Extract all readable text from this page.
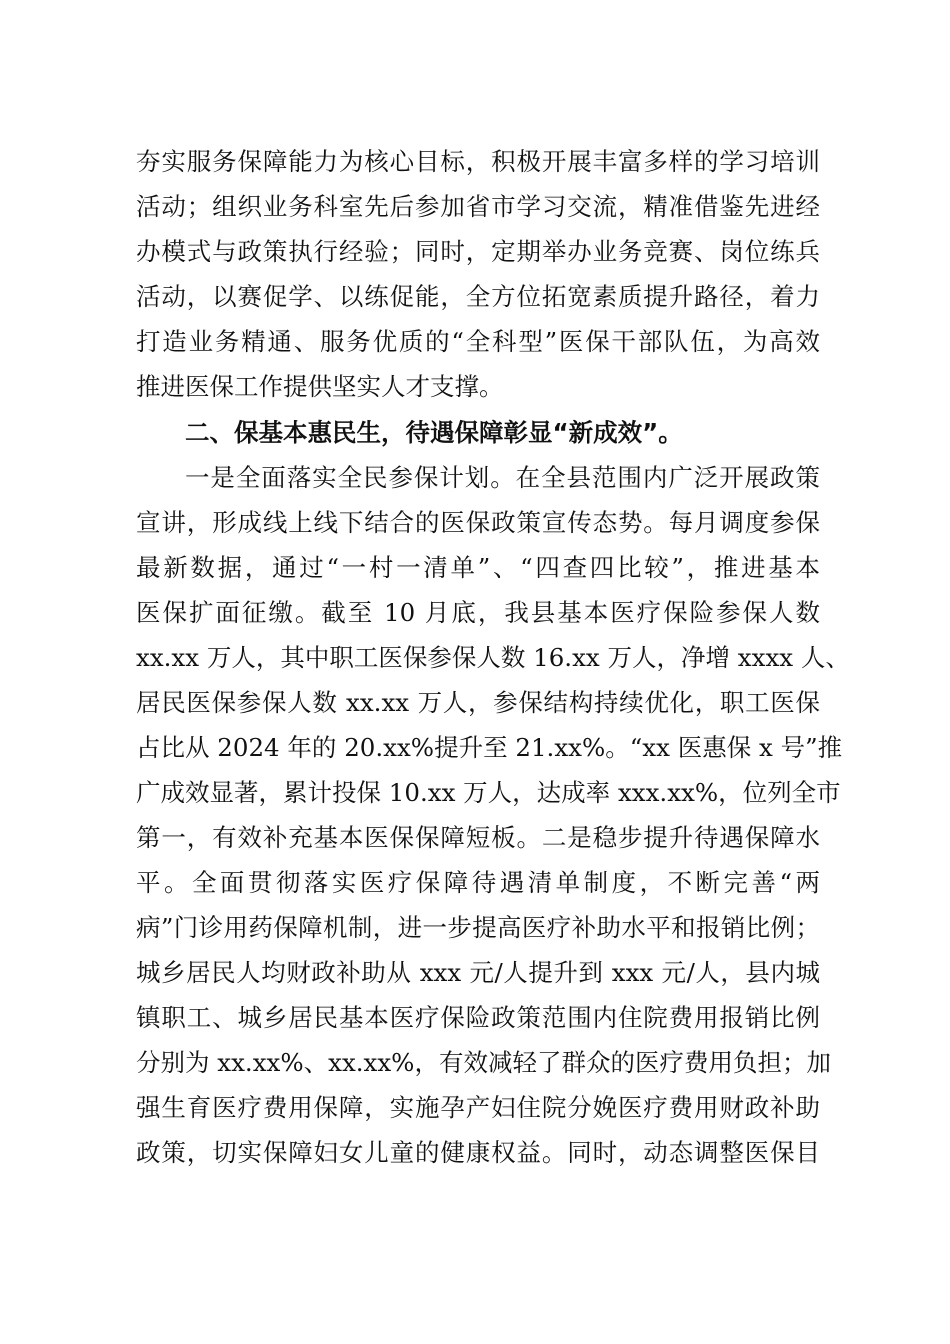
夯实服务保障能力为核心目标，积极开展丰富多样的学习培训
活动；组织业务科室先后参加省市学习交流，精准借鉴先进经
办模式与政策执行经验；同时，定期举办业务竞赛、岗位练兵
活动，以赛促学、以练促能，全方位拓宽素质提升路径，着力
打造业务精通、服务优质的“全科型”医保干部队伍，为高效
推进医保工作提供坚实人才支撑。
二、保基本惠民生，待遇保障彰显“新成效”。
一是全面落实全民参保计划。在全县范围内广泛开展政策
宣讲，形成线上线下结合的医保政策宣传态势。每月调度参保
最新数据，通过“一村一清单”、“四查四比较”，推进基本
医保扩面征缴。截至 10 月底，我县基本医疗保险参保人数
xx.xx 万人，其中职工医保参保人数 16.xx 万人，净增 xxxx 人、
居民医保参保人数 xx.xx 万人，参保结构持续优化，职工医保
占比从 2024 年的 20.xx%提升至 21.xx%。“xx 医惠保 x 号”推
广成效显著，累计投保 10.xx 万人，达成率 xxx.xx%，位列全市
第一，有效补充基本医保保障短板。二是稳步提升待遇保障水
平。全面贯彻落实医疗保障待遇清单制度，不断完善“两
病”门诊用药保障机制，进一步提高医疗补助水平和报销比例；
城乡居民人均财政补助从 xxx 元/人提升到 xxx 元/人，县内城
镇职工、城乡居民基本医疗保险政策范围内住院费用报销比例
分别为 xx.xx%、xx.xx%，有效减轻了群众的医疗费用负担；加
强生育医疗费用保障，实施孕产妇住院分娩医疗费用财政补助
政策，切实保障妇女儿童的健康权益。同时，动态调整医保目
